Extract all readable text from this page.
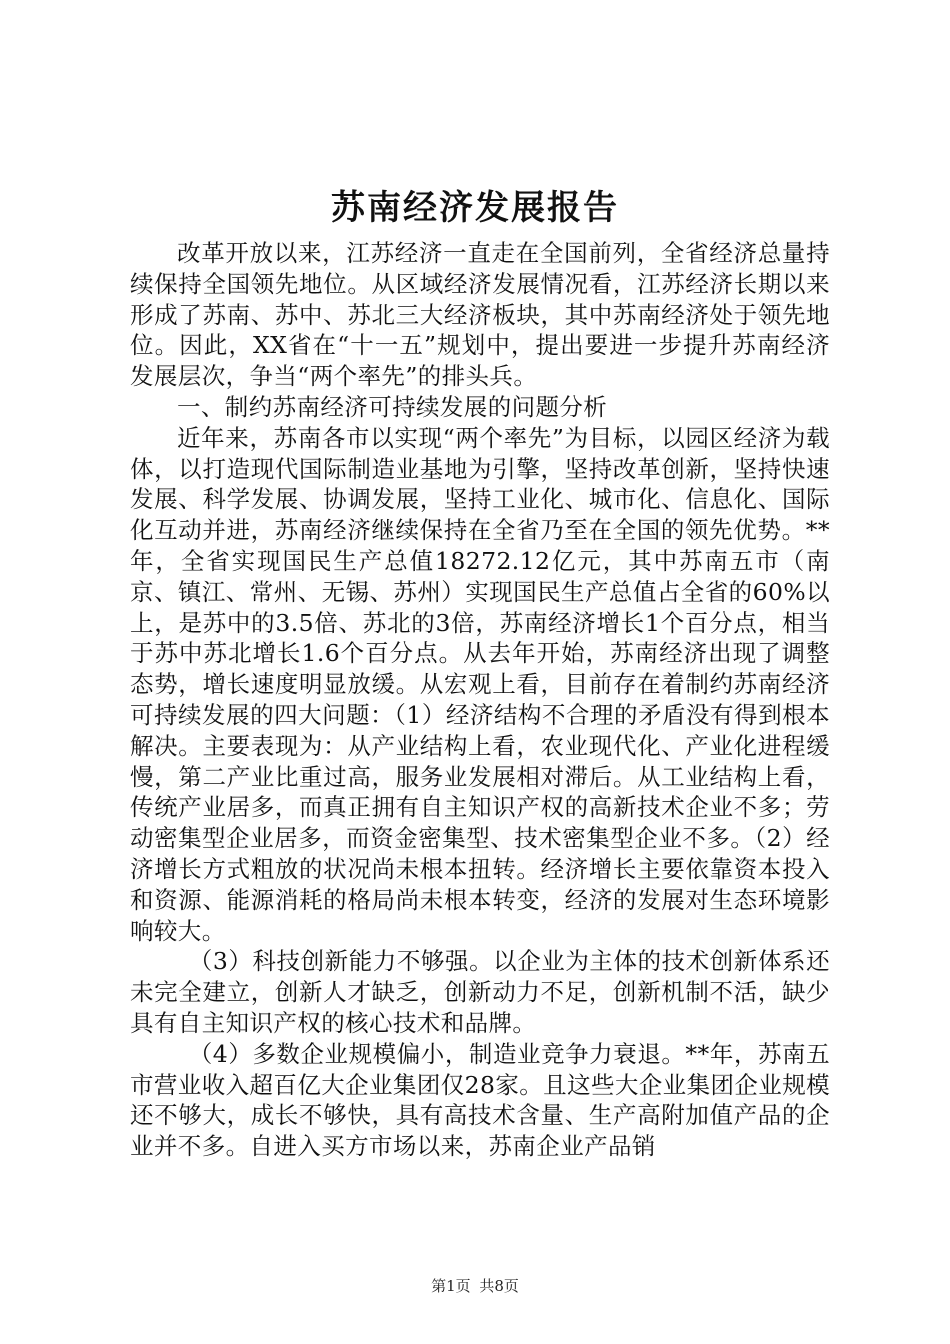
苏南经济发展报告

改革开放以来，江苏经济一直走在全国前列，全省经济总量持续保持全国领先地位。从区域经济发展情况看，江苏经济长期以来形成了苏南、苏中、苏北三大经济板块，其中苏南经济处于领先地位。因此，XX省在“十一五”规划中，提出要进一步提升苏南经济发展层次，争当“两个率先”的排头兵。

一、制约苏南经济可持续发展的问题分析

近年来，苏南各市以实现“两个率先”为目标，以园区经济为载体，以打造现代国际制造业基地为引擎，坚持改革创新，坚持快速发展、科学发展、协调发展，坚持工业化、城市化、信息化、国际化互动并进，苏南经济继续保持在全省乃至在全国的领先优势。**年，全省实现国民生产总值18272.12亿元，其中苏南五市（南京、镇江、常州、无锡、苏州）实现国民生产总值占全省的60%以上，是苏中的3.5倍、苏北的3倍，苏南经济增长1个百分点，相当于苏中苏北增长1.6个百分点。从去年开始，苏南经济出现了调整态势，增长速度明显放缓。从宏观上看，目前存在着制约苏南经济可持续发展的四大问题：（1）经济结构不合理的矛盾没有得到根本解决。主要表现为：从产业结构上看，农业现代化、产业化进程缓慢，第二产业比重过高，服务业发展相对滞后。从工业结构上看，传统产业居多，而真正拥有自主知识产权的高新技术企业不多；劳动密集型企业居多，而资金密集型、技术密集型企业不多。（2）经济增长方式粗放的状况尚未根本扭转。经济增长主要依靠资本投入和资源、能源消耗的格局尚未根本转变，经济的发展对生态环境影响较大。

（3）科技创新能力不够强。以企业为主体的技术创新体系还未完全建立，创新人才缺乏，创新动力不足，创新机制不活，缺少具有自主知识产权的核心技术和品牌。

（4）多数企业规模偏小，制造业竞争力衰退。**年，苏南五市营业收入超百亿大企业集团仅28家。且这些大企业集团企业规模还不够大，成长不够快，具有高技术含量、生产高附加值产品的企业并不多。自进入买方市场以来，苏南企业产品销

第1页 共8页
